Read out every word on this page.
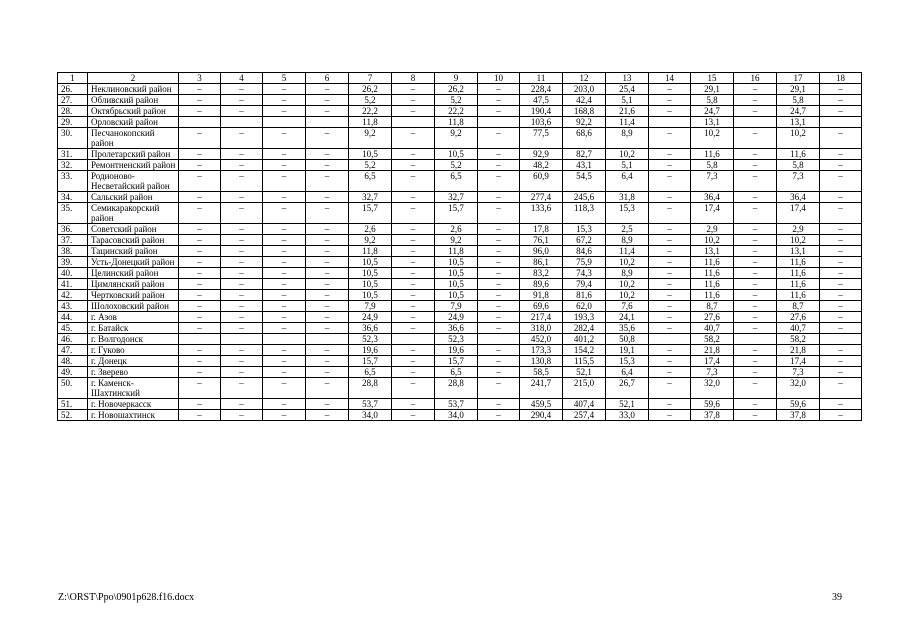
1	2	3	4	5	6	7	8	9	10	11	12	13	14	15	16	17	18
26.	Неклиновский район	–	–	–	–	26,2	–	26,2	–	228,4	203,0	25,4	–	29,1	–	29,1	–
27.	Обливский район	–	–	–	–	5,2	–	5,2	–	47,5	42,4	5,1	–	5,8	–	5,8	–
28.	Октябрьский район	–	–	–	–	22,2	–	22,2	–	190,4	168,8	21,6	–	24,7	–	24,7	–
29.	Орловский район					11,8		11,8		103,6	92,2	11,4		13,1		13,1	
30.	Песчанокопский район	–	–	–	–	9,2	–	9,2	–	77,5	68,6	8,9	–	10,2	–	10,2	–
31.	Пролетарский район	–	–	–	–	10,5	–	10,5	–	92,9	82,7	10,2	–	11,6	–	11,6	–
32.	Ремонтненский район	–	–	–	–	5,2	–	5,2	–	48,2	43,1	5,1	–	5,8	–	5,8	–
33.	Родионово-Несветайский район	–	–	–	–	6,5	–	6,5	–	60,9	54,5	6,4	–	7,3	–	7,3	–
34.	Сальский район	–	–	–	–	32,7	–	32,7	–	277,4	245,6	31,8	–	36,4	–	36,4	–
35.	Семикаракорский район	–	–	–	–	15,7	–	15,7	–	133,6	118,3	15,3	–	17,4	–	17,4	–
36.	Советский район	–	–	–	–	2,6	–	2,6	–	17,8	15,3	2,5	–	2,9	–	2,9	–
37.	Тарасовский район	–	–	–	–	9,2	–	9,2	–	76,1	67,2	8,9	–	10,2	–	10,2	–
38.	Тацинский район	–	–	–	–	11,8	–	11,8	–	96,0	84,6	11,4	–	13,1	–	13,1	–
39.	Усть-Донецкий район	–	–	–	–	10,5	–	10,5	–	86,1	75,9	10,2	–	11,6	–	11,6	–
40.	Целинский район	–	–	–	–	10,5	–	10,5	–	83,2	74,3	8,9	–	11,6	–	11,6	–
41.	Цимлянский район	–	–	–	–	10,5	–	10,5	–	89,6	79,4	10,2	–	11,6	–	11,6	–
42.	Чертковский район	–	–	–	–	10,5	–	10,5	–	91,8	81,6	10,2	–	11,6	–	11,6	–
43.	Шолоховский район	–	–	–	–	7,9	–	7,9	–	69,6	62,0	7,6	–	8,7	–	8,7	–
44.	г. Азов	–	–	–	–	24,9	–	24,9	–	217,4	193,3	24,1	–	27,6	–	27,6	–
45.	г. Батайск	–	–	–	–	36,6	–	36,6	–	318,0	282,4	35,6	–	40,7	–	40,7	–
46.	г. Волгодонск					52,3		52,3		452,0	401,2	50,8		58,2		58,2	
47.	г. Гуково	–	–	–	–	19,6	–	19,6	–	173,3	154,2	19,1	–	21,8	–	21,8	–
48.	г. Донецк	–	–	–	–	15,7	–	15,7	–	130,8	115,5	15,3	–	17,4	–	17,4	–
49.	г. Зверево	–	–	–	–	6,5	–	6,5	–	58,5	52,1	6,4	–	7,3	–	7,3	–
50.	г. Каменск-Шахтинский	–	–	–	–	28,8	–	28,8	–	241,7	215,0	26,7	–	32,0	–	32,0	–
51.	г. Новочеркасск	–	–	–	–	53,7	–	53,7	–	459,5	407,4	52,1	–	59,6	–	59,6	–
52.	г. Новошахтинск	–	–	–	–	34,0	–	34,0	–	290,4	257,4	33,0	–	37,8	–	37,8	–
Z:\ORST\Ppo\0901p628.f16.docx	39
